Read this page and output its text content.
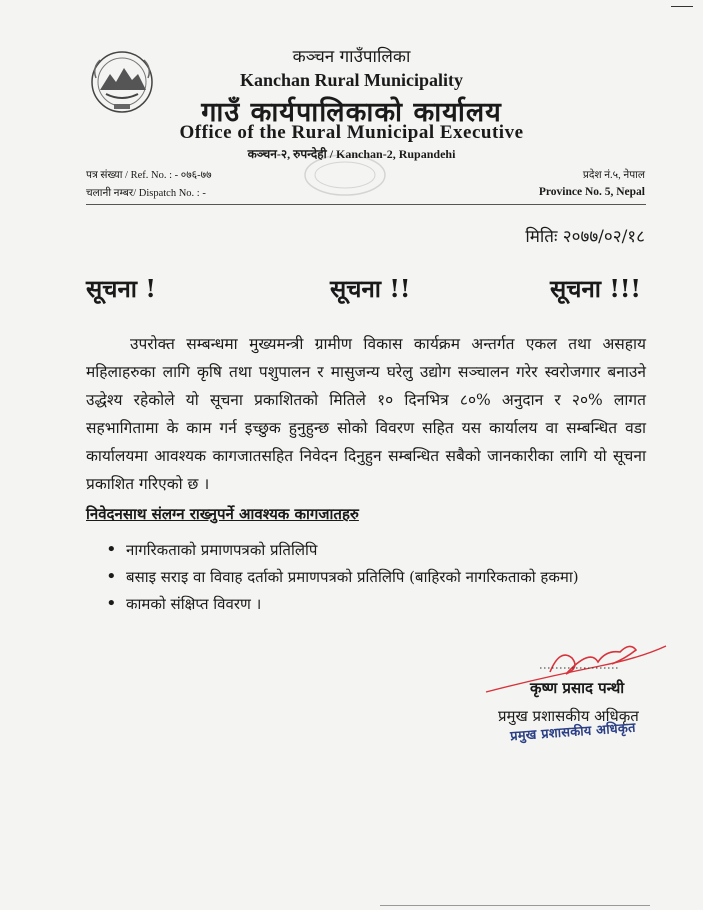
कञ्चन गाउँपालिका
Kanchan Rural Municipality
गाउँ कार्यपालिकाको कार्यालय
Office of the Rural Municipal Executive
कञ्चन-२, रुपन्देही / Kanchan-2, Rupandehi
पत्र संख्या / Ref. No. : - ०७६-७७
चलानी नम्बर/ Dispatch No. : -
प्रदेश नं.५, नेपाल
Province No. 5, Nepal
मितिः २०७७/०२/१८
सूचना !	सूचना !!	सूचना !!!
उपरोक्त सम्बन्धमा मुख्यमन्त्री ग्रामीण विकास कार्यक्रम अन्तर्गत एकल तथा असहाय महिलाहरुका लागि कृषि तथा पशुपालन र मासुजन्य घरेलु उद्योग सञ्चालन गरेर स्वरोजगार बनाउने उद्धेश्य रहेकोले यो सूचना प्रकाशितको मितिले १० दिनभित्र ८०% अनुदान र २०% लागत सहभागितामा के काम गर्न इच्छुक हुनुहुन्छ सोको विवरण सहित यस कार्यालय वा सम्बन्धित वडा कार्यालयमा आवश्यक कागजातसहित निवेदन दिनुहुन सम्बन्धित सबैको जानकारीका लागि यो सूचना प्रकाशित गरिएको छ ।
निवेदनसाथ संलग्न राख्नुपर्ने आवश्यक कागजातहरु
• नागरिकताको प्रमाणपत्रको प्रतिलिपि
• बसाइ सराइ वा विवाह दर्ताको प्रमाणपत्रको प्रतिलिपि (बाहिरको नागरिकताको हकमा)
• कामको संक्षिप्त विवरण ।
कृष्ण प्रसाद पन्थी
प्रमुख प्रशासकीय अधिकृत
प्रमुख प्रशासकीय अधिकृत
